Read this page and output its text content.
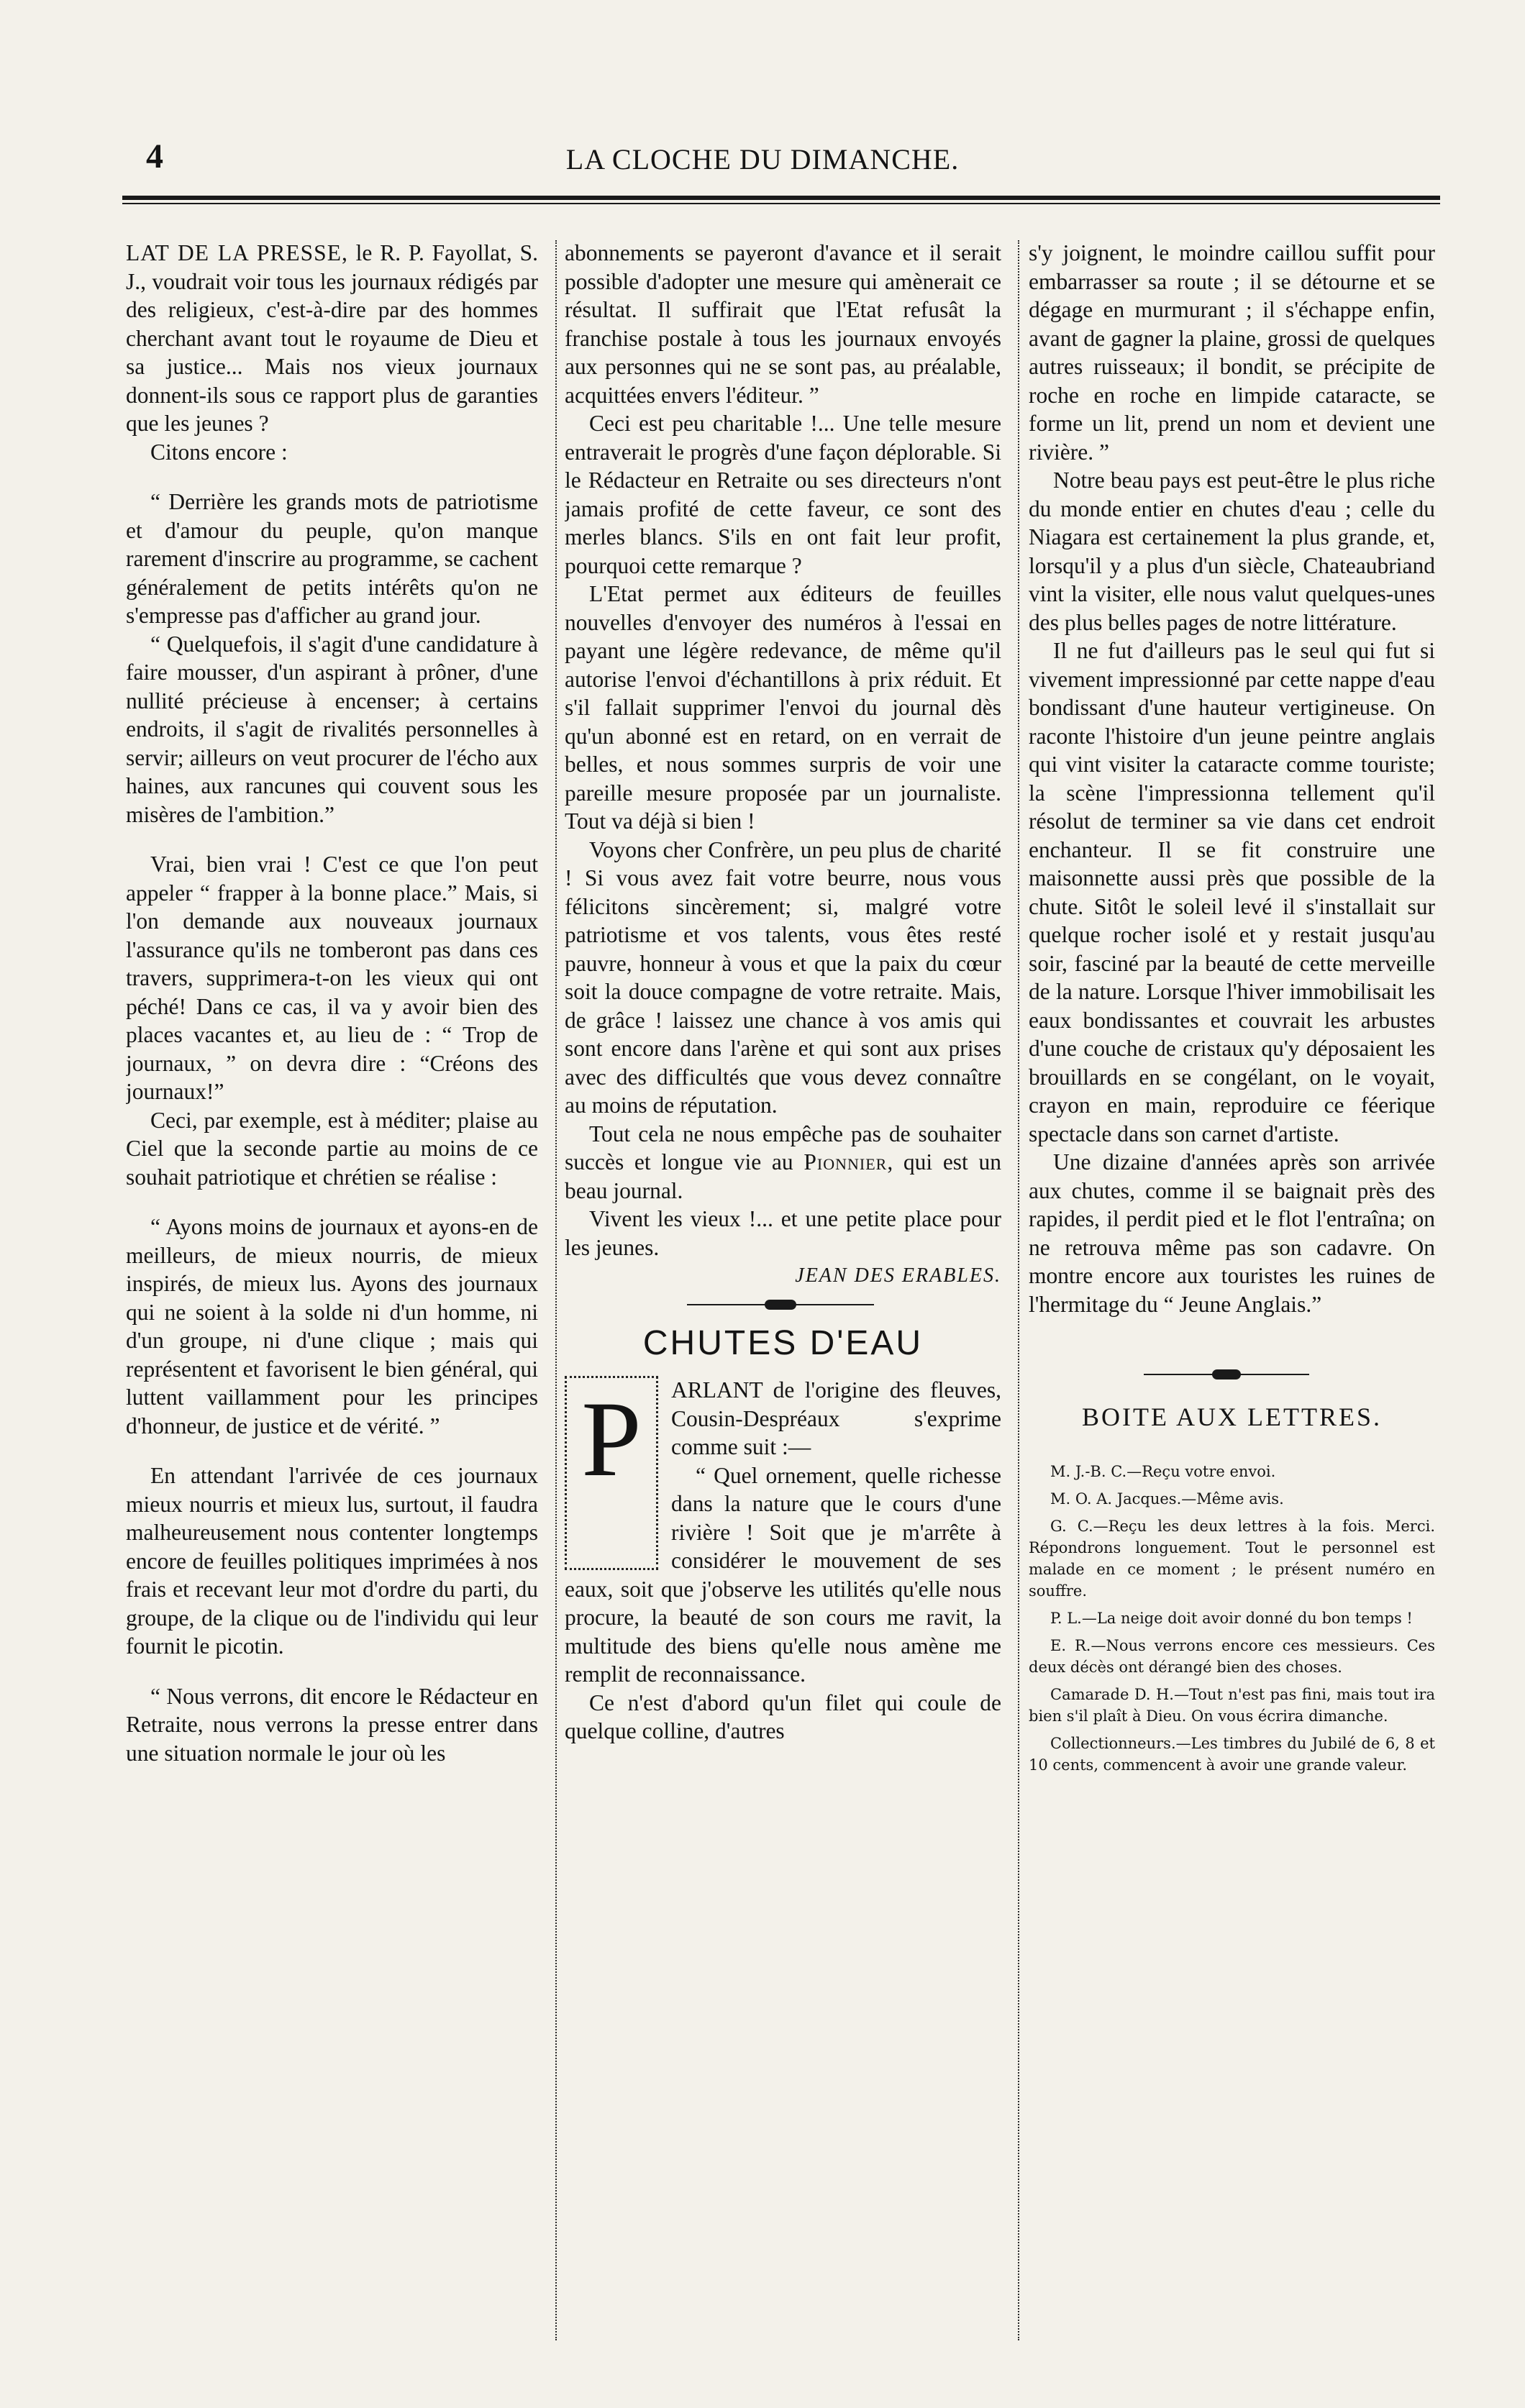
4	LA CLOCHE DU DIMANCHE.

LAT DE LA PRESSE, le R. P. Fayollat, S. J., voudrait voir tous les journaux rédigés par des religieux, c'est-à-dire par des hommes cherchant avant tout le royaume de Dieu et sa justice... Mais nos vieux journaux donnent-ils sous ce rapport plus de garanties que les jeunes ?

Citons encore :

“ Derrière les grands mots de patriotisme et d'amour du peuple, qu'on manque rarement d'inscrire au programme, se cachent généralement de petits intérêts qu'on ne s'empresse pas d'afficher au grand jour.

“ Quelquefois, il s'agit d'une candidature à faire mousser, d'un aspirant à prôner, d'une nullité précieuse à encenser; à certains endroits, il s'agit de rivalités personnelles à servir; ailleurs on veut procurer de l'écho aux haines, aux rancunes qui couvent sous les misères de l'ambition.”

Vrai, bien vrai ! C'est ce que l'on peut appeler “ frapper à la bonne place.” Mais, si l'on demande aux nouveaux journaux l'assurance qu'ils ne tomberont pas dans ces travers, supprimera-t-on les vieux qui ont péché! Dans ce cas, il va y avoir bien des places vacantes et, au lieu de : “ Trop de journaux, ” on devra dire : “Créons des journaux!”

Ceci, par exemple, est à méditer; plaise au Ciel que la seconde partie au moins de ce souhait patriotique et chrétien se réalise :

“ Ayons moins de journaux et ayons-en de meilleurs, de mieux nourris, de mieux inspirés, de mieux lus. Ayons des journaux qui ne soient à la solde ni d'un homme, ni d'un groupe, ni d'une clique ; mais qui représentent et favorisent le bien général, qui luttent vaillamment pour les principes d'honneur, de justice et de vérité. ”

En attendant l'arrivée de ces journaux mieux nourris et mieux lus, surtout, il faudra malheureusement nous contenter longtemps encore de feuilles politiques imprimées à nos frais et recevant leur mot d'ordre du parti, du groupe, de la clique ou de l'individu qui leur fournit le picotin.

“ Nous verrons, dit encore le Rédacteur en Retraite, nous verrons la presse entrer dans une situation normale le jour où les

abonnements se payeront d'avance et il serait possible d'adopter une mesure qui amènerait ce résultat. Il suffirait que l'Etat refusât la franchise postale à tous les journaux envoyés aux personnes qui ne se sont pas, au préalable, acquittées envers l'éditeur. ”

Ceci est peu charitable !... Une telle mesure entraverait le progrès d'une façon déplorable. Si le Rédacteur en Retraite ou ses directeurs n'ont jamais profité de cette faveur, ce sont des merles blancs. S'ils en ont fait leur profit, pourquoi cette remarque ?

L'Etat permet aux éditeurs de feuilles nouvelles d'envoyer des numéros à l'essai en payant une légère redevance, de même qu'il autorise l'envoi d'échantillons à prix réduit. Et s'il fallait supprimer l'envoi du journal dès qu'un abonné est en retard, on en verrait de belles, et nous sommes surpris de voir une pareille mesure proposée par un journaliste. Tout va déjà si bien !

Voyons cher Confrère, un peu plus de charité ! Si vous avez fait votre beurre, nous vous félicitons sincèrement; si, malgré votre patriotisme et vos talents, vous êtes resté pauvre, honneur à vous et que la paix du cœur soit la douce compagne de votre retraite. Mais, de grâce ! laissez une chance à vos amis qui sont encore dans l'arène et qui sont aux prises avec des difficultés que vous devez connaître au moins de réputation.

Tout cela ne nous empêche pas de souhaiter succès et longue vie au Pionnier, qui est un beau journal.

Vivent les vieux !... et une petite place pour les jeunes.

JEAN DES ERABLES.

CHUTES D'EAU
P	ARLANT de l'origine des fleuves, Cousin-Despréaux s'exprime comme suit :—

“ Quel ornement, quelle richesse dans la nature que le cours d'une rivière ! Soit que je m'arrête à considérer le mouvement de ses eaux, soit que j'observe les utilités qu'elle nous procure, la beauté de son cours me ravit, la multitude des biens qu'elle nous amène me remplit de reconnaissance.

Ce n'est d'abord qu'un filet qui coule de quelque colline, d'autres

s'y joignent, le moindre caillou suffit pour embarrasser sa route ; il se détourne et se dégage en murmurant ; il s'échappe enfin, avant de gagner la plaine, grossi de quelques autres ruisseaux; il bondit, se précipite de roche en roche en limpide cataracte, se forme un lit, prend un nom et devient une rivière. ”

Notre beau pays est peut-être le plus riche du monde entier en chutes d'eau ; celle du Niagara est certainement la plus grande, et, lorsqu'il y a plus d'un siècle, Chateaubriand vint la visiter, elle nous valut quelques-unes des plus belles pages de notre littérature.

Il ne fut d'ailleurs pas le seul qui fut si vivement impressionné par cette nappe d'eau bondissant d'une hauteur vertigineuse. On raconte l'histoire d'un jeune peintre anglais qui vint visiter la cataracte comme touriste; la scène l'impressionna tellement qu'il résolut de terminer sa vie dans cet endroit enchanteur. Il se fit construire une maisonnette aussi près que possible de la chute. Sitôt le soleil levé il s'installait sur quelque rocher isolé et y restait jusqu'au soir, fasciné par la beauté de cette merveille de la nature. Lorsque l'hiver immobilisait les eaux bondissantes et couvrait les arbustes d'une couche de cristaux qu'y déposaient les brouillards en se congélant, on le voyait, crayon en main, reproduire ce féerique spectacle dans son carnet d'artiste.

Une dizaine d'années après son arrivée aux chutes, comme il se baignait près des rapides, il perdit pied et le flot l'entraîna; on ne retrouva même pas son cadavre. On montre encore aux touristes les ruines de l'hermitage du “ Jeune Anglais.”

BOITE AUX LETTRES.

M. J.-B. C.—Reçu votre envoi.

M. O. A. Jacques.—Même avis.

G. C.—Reçu les deux lettres à la fois. Merci. Répondrons longuement. Tout le personnel est malade en ce moment ; le présent numéro en souffre.

P. L.—La neige doit avoir donné du bon temps !

E. R.—Nous verrons encore ces messieurs. Ces deux décès ont dérangé bien des choses.

Camarade D. H.—Tout n'est pas fini, mais tout ira bien s'il plaît à Dieu. On vous écrira dimanche.

Collectionneurs.—Les timbres du Jubilé de 6, 8 et 10 cents, commencent à avoir une grande valeur.
